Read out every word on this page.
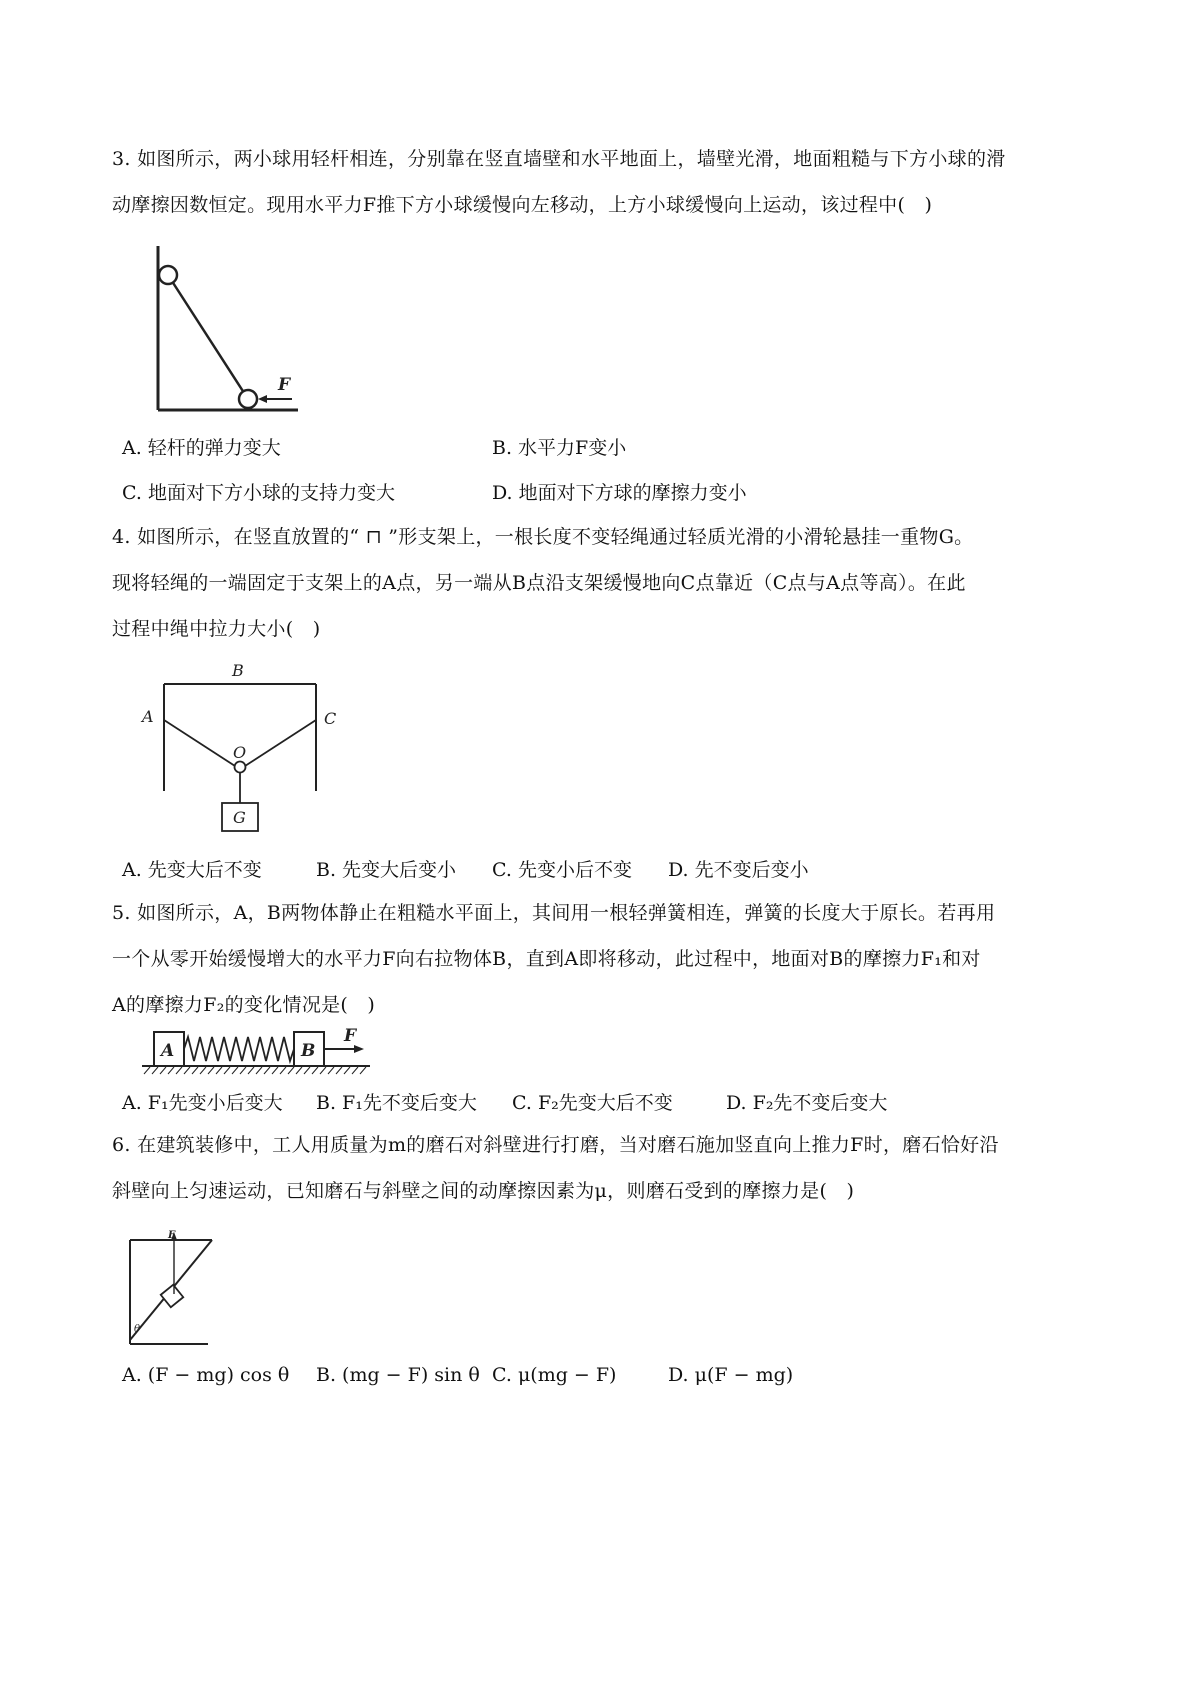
3. 如图所示，两小球用轻杆相连，分别靠在竖直墙壁和水平地面上，墙壁光滑，地面粗糙与下方小球的滑
动摩擦因数恒定。现用水平力F推下方小球缓慢向左移动，上方小球缓慢向上运动，该过程中(　)
F
A. 轻杆的弹力变大	B. 水平力F变小
C. 地面对下方小球的支持力变大	D. 地面对下方球的摩擦力变小
4. 如图所示，在竖直放置的“ ⊓ ”形支架上，一根长度不变轻绳通过轻质光滑的小滑轮悬挂一重物G。
现将轻绳的一端固定于支架上的A点，另一端从B点沿支架缓慢地向C点靠近（C点与A点等高）。在此
过程中绳中拉力大小(　)
G
B
A	C
O
A. 先变大后不变	B. 先变大后变小 C. 先变小后不变 D. 先不变后变小
5. 如图所示，A，B两物体静止在粗糙水平面上，其间用一根轻弹簧相连，弹簧的长度大于原长。若再用
一个从零开始缓慢增大的水平力F向右拉物体B，直到A即将移动，此过程中，地面对B的摩擦力F₁和对
A的摩擦力F₂的变化情况是(　)
A	B
F
A. F₁先变小后变大 B. F₁先不变后变大 C. F₂先变大后不变	D. F₂先不变后变大
6. 在建筑装修中，工人用质量为m的磨石对斜壁进行打磨，当对磨石施加竖直向上推力F时，磨石恰好沿
斜壁向上匀速运动，已知磨石与斜壁之间的动摩擦因素为μ，则磨石受到的摩擦力是(　)
F
θ
A. (F − mg) cos θ B. (mg − F) sin θ C. μ(mg − F)	D. μ(F − mg)
